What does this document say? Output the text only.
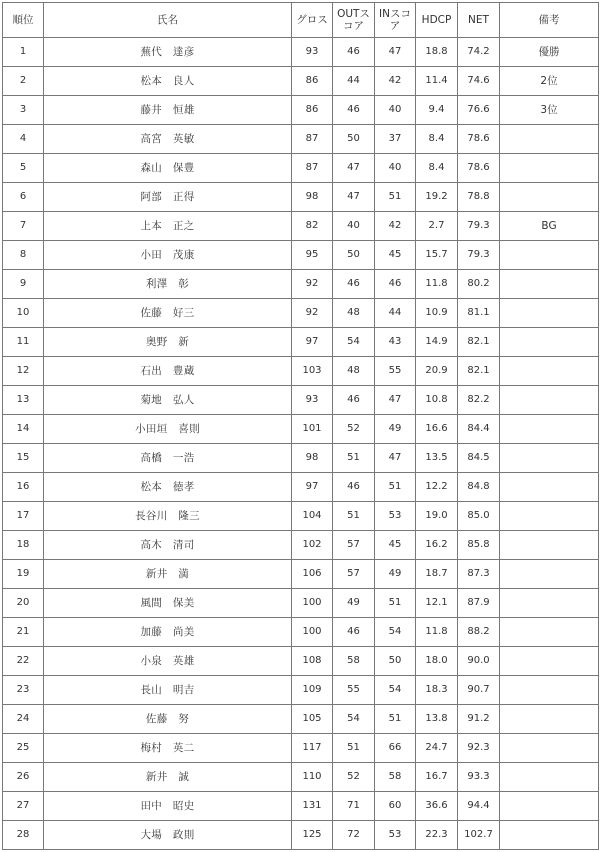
順位	氏名	グロス	OUTスコア	INスコア	HDCP	NET	備考
1	蕪代　達彦	93	46	47	18.8	74.2	優勝
2	松本　良人	86	44	42	11.4	74.6	2位
3	藤井　恒雄	86	46	40	9.4	76.6	3位
4	高宮　英敏	87	50	37	8.4	78.6	
5	森山　保豊	87	47	40	8.4	78.6	
6	阿部　正得	98	47	51	19.2	78.8	
7	上本　正之	82	40	42	2.7	79.3	BG
8	小田　茂康	95	50	45	15.7	79.3	
9	利澤　彰	92	46	46	11.8	80.2	
10	佐藤　好三	92	48	44	10.9	81.1	
11	奥野　新	97	54	43	14.9	82.1	
12	石出　豊蔵	103	48	55	20.9	82.1	
13	菊地　弘人	93	46	47	10.8	82.2	
14	小田垣　喜則	101	52	49	16.6	84.4	
15	高橋　一浩	98	51	47	13.5	84.5	
16	松本　徳孝	97	46	51	12.2	84.8	
17	長谷川　隆三	104	51	53	19.0	85.0	
18	高木　清司	102	57	45	16.2	85.8	
19	新井　満	106	57	49	18.7	87.3	
20	風間　保美	100	49	51	12.1	87.9	
21	加藤　尚美	100	46	54	11.8	88.2	
22	小泉　英雄	108	58	50	18.0	90.0	
23	長山　明吉	109	55	54	18.3	90.7	
24	佐藤　努	105	54	51	13.8	91.2	
25	梅村　英二	117	51	66	24.7	92.3	
26	新井　誠	110	52	58	16.7	93.3	
27	田中　昭史	131	71	60	36.6	94.4	
28	大場　政則	125	72	53	22.3	102.7	
